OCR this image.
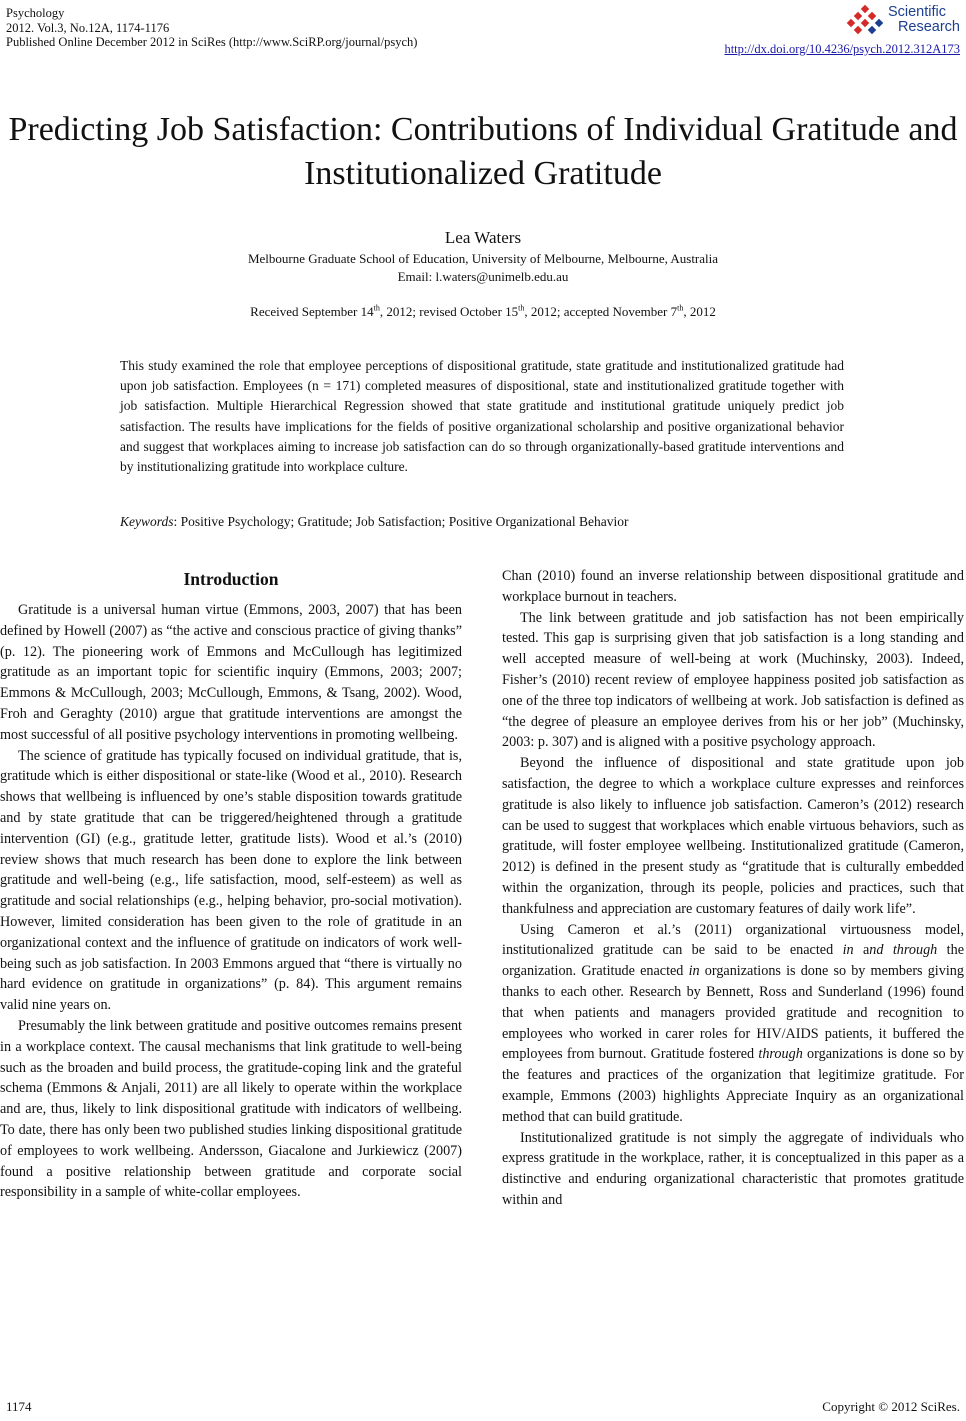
Psychology
2012. Vol.3, No.12A, 1174-1176
Published Online December 2012 in SciRes (http://www.SciRP.org/journal/psych)
Scientific
Research
http://dx.doi.org/10.4236/psych.2012.312A173
Predicting Job Satisfaction: Contributions of Individual Gratitude and Institutionalized Gratitude
Lea Waters
Melbourne Graduate School of Education, University of Melbourne, Melbourne, Australia
Email: l.waters@unimelb.edu.au
Received September 14th, 2012; revised October 15th, 2012; accepted November 7th, 2012
This study examined the role that employee perceptions of dispositional gratitude, state gratitude and institutionalized gratitude had upon job satisfaction. Employees (n = 171) completed measures of dispositional, state and institutionalized gratitude together with job satisfaction. Multiple Hierarchical Regression showed that state gratitude and institutional gratitude uniquely predict job satisfaction. The results have implications for the fields of positive organizational scholarship and positive organizational behavior and suggest that workplaces aiming to increase job satisfaction can do so through organizationally-based gratitude interventions and by institutionalizing gratitude into workplace culture.
Keywords: Positive Psychology; Gratitude; Job Satisfaction; Positive Organizational Behavior
Introduction

Gratitude is a universal human virtue (Emmons, 2003, 2007) that has been defined by Howell (2007) as “the active and conscious practice of giving thanks” (p. 12). The pioneering work of Emmons and McCullough has legitimized gratitude as an important topic for scientific inquiry (Emmons, 2003; 2007; Emmons & McCullough, 2003; McCullough, Emmons, & Tsang, 2002). Wood, Froh and Geraghty (2010) argue that gratitude interventions are amongst the most successful of all positive psychology interventions in promoting wellbeing.

The science of gratitude has typically focused on individual gratitude, that is, gratitude which is either dispositional or state-like (Wood et al., 2010). Research shows that wellbeing is influenced by one’s stable disposition towards gratitude and by state gratitude that can be triggered/heightened through a gratitude intervention (GI) (e.g., gratitude letter, gratitude lists). Wood et al.’s (2010) review shows that much research has been done to explore the link between gratitude and well-being (e.g., life satisfaction, mood, self-esteem) as well as gratitude and social relationships (e.g., helping behavior, pro-social motivation). However, limited consideration has been given to the role of gratitude in an organizational context and the influence of gratitude on indicators of work well-being such as job satisfaction. In 2003 Emmons argued that “there is virtually no hard evidence on gratitude in organizations” (p. 84). This argument remains valid nine years on.

Presumably the link between gratitude and positive outcomes remains present in a workplace context. The causal mechanisms that link gratitude to well-being such as the broaden and build process, the gratitude-coping link and the grateful schema (Emmons & Anjali, 2011) are all likely to operate within the workplace and are, thus, likely to link dispositional gratitude with indicators of wellbeing. To date, there has only been two published studies linking dispositional gratitude of employees to work wellbeing. Andersson, Giacalone and Jurkiewicz (2007) found a positive relationship between gratitude and corporate social responsibility in a sample of white-collar employees.

Chan (2010) found an inverse relationship between dispositional gratitude and workplace burnout in teachers.

The link between gratitude and job satisfaction has not been empirically tested. This gap is surprising given that job satisfaction is a long standing and well accepted measure of well-being at work (Muchinsky, 2003). Indeed, Fisher’s (2010) recent review of employee happiness posited job satisfaction as one of the three top indicators of wellbeing at work. Job satisfaction is defined as “the degree of pleasure an employee derives from his or her job” (Muchinsky, 2003: p. 307) and is aligned with a positive psychology approach.

Beyond the influence of dispositional and state gratitude upon job satisfaction, the degree to which a workplace culture expresses and reinforces gratitude is also likely to influence job satisfaction. Cameron’s (2012) research can be used to suggest that workplaces which enable virtuous behaviors, such as gratitude, will foster employee wellbeing. Institutionalized gratitude (Cameron, 2012) is defined in the present study as “gratitude that is culturally embedded within the organization, through its people, policies and practices, such that thankfulness and appreciation are customary features of daily work life”.

Using Cameron et al.’s (2011) organizational virtuousness model, institutionalized gratitude can be said to be enacted in and through the organization. Gratitude enacted in organizations is done so by members giving thanks to each other. Research by Bennett, Ross and Sunderland (1996) found that when patients and managers provided gratitude and recognition to employees who worked in carer roles for HIV/AIDS patients, it buffered the employees from burnout. Gratitude fostered through organizations is done so by the features and practices of the organization that legitimize gratitude. For example, Emmons (2003) highlights Appreciate Inquiry as an organizational method that can build gratitude.

Institutionalized gratitude is not simply the aggregate of individuals who express gratitude in the workplace, rather, it is conceptualized in this paper as a distinctive and enduring organizational characteristic that promotes gratitude within and

1174	Copyright © 2012 SciRes.
